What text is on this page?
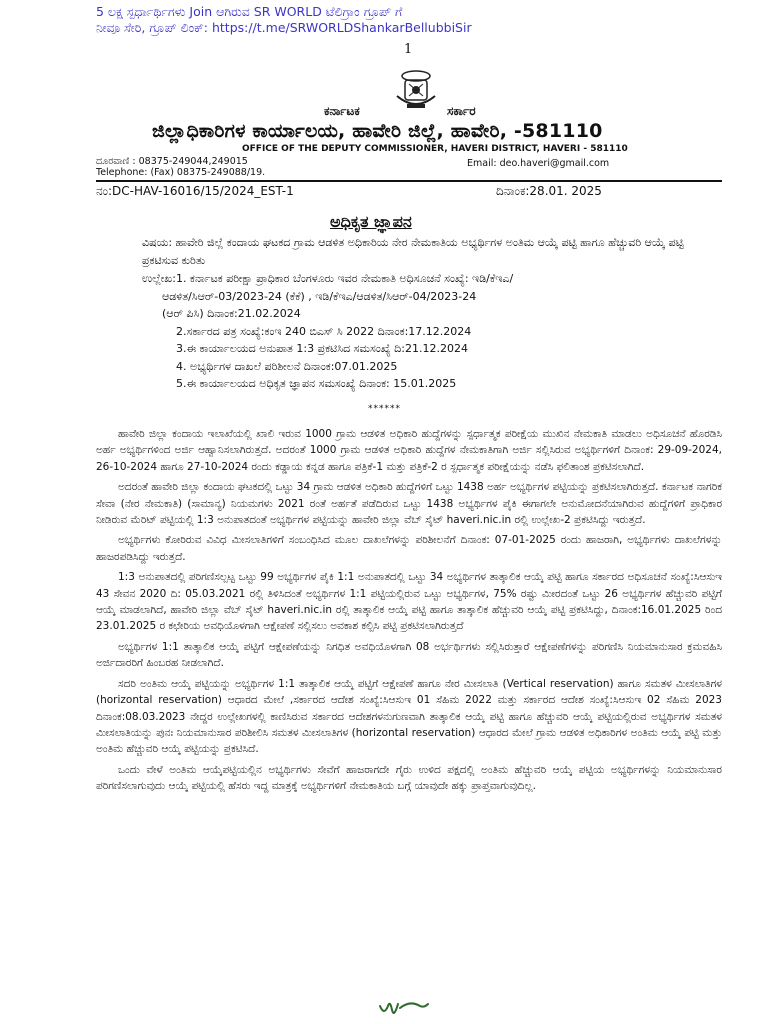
5 ಲಕ್ಷ ಸ್ಪರ್ಧಾರ್ಥಿಗಳು Join ಆಗಿರುವ SR WORLD ಟೆಲಿಗ್ರಾಂ ಗ್ರೂಪ್ ಗೆ
ನೀವೂ ಸೇರಿ, ಗ್ರೂಪ್ ಲಿಂಕ್: https://t.me/SRWORLDShankarBellubbiSir
1
ಕರ್ನಾಟಕ	ಸರ್ಕಾರ
ಜಿಲ್ಲಾಧಿಕಾರಿಗಳ ಕಾರ್ಯಾಲಯ, ಹಾವೇರಿ ಜಿಲ್ಲೆ, ಹಾವೇರಿ, -581110
OFFICE OF THE DEPUTY COMMISSIONER, HAVERI DISTRICT, HAVERI - 581110
ದೂರವಾಣಿ : 08375-249044,249015
Telephone: (Fax) 08375-249088/19.
Email: deo.haveri@gmail.com
ನಂ:DC-HAV-16016/15/2024_EST-1	ದಿನಾಂಕ:28.01. 2025
ಅಧಿಕೃತ ಜ್ಞಾಪನ
ವಿಷಯ: ಹಾವೇರಿ ಜಿಲ್ಲೆ ಕಂದಾಯ ಘಟಕದ ಗ್ರಾಮ ಆಡಳಿತ ಅಧಿಕಾರಿಯ ನೇರ ನೇಮಕಾತಿಯ ಅಭ್ಯರ್ಥಿಗಳ ಅಂತಿಮ ಆಯ್ಕೆ ಪಟ್ಟಿ ಹಾಗೂ ಹೆಚ್ಚುವರಿ ಆಯ್ಕೆ ಪಟ್ಟಿ ಪ್ರಕಟಿಸುವ ಕುರಿತು
ಉಲ್ಲೇಖ:1. ಕರ್ನಾಟಕ ಪರೀಕ್ಷಾ ಪ್ರಾಧಿಕಾರ ಬೆಂಗಳೂರು ಇವರ ನೇಮಕಾತಿ ಅಧಿಸೂಚನೆ ಸಂಖ್ಯೆ: ಇಡಿ/ಕೆಇಎ/
ಆಡಳಿತ/ಸಿಆರ್-03/2023-24 (ಕೆಕೆ) , ಇಡಿ/ಕೆಇಎ/ಆಡಳಿತ/ಸಿಆರ್-04/2023-24
(ಆರ್ ಪಿಸಿ) ದಿನಾಂಕ:21.02.2024
2.ಸರ್ಕಾರದ ಪತ್ರ ಸಂಖ್ಯೆ:ಕಂಇ 240 ಬಿಎಸ್ ಸಿ 2022 ದಿನಾಂಕ:17.12.2024
3.ಈ ಕಾರ್ಯಾಲಯದ ಅನುಪಾತ 1:3 ಪ್ರಕಟಿಸಿದ ಸಮಸಂಖ್ಯೆ ದಿ:21.12.2024
4. ಅಭ್ಯರ್ಥಿಗಳ ದಾಖಲೆ ಪರಿಶೀಲನೆ ದಿನಾಂಕ:07.01.2025
5.ಈ ಕಾರ್ಯಾಲಯದ ಅಧಿಕೃತ ಜ್ಞಾಪನ ಸಮಸಂಖ್ಯೆ ದಿನಾಂಕ: 15.01.2025
******

ಹಾವೇರಿ ಜಿಲ್ಲಾ ಕಂದಾಯ ಇಲಾಖೆಯಲ್ಲಿ ಖಾಲಿ ಇರುವ 1000 ಗ್ರಾಮ ಆಡಳಿತ ಅಧಿಕಾರಿ ಹುದ್ದೆಗಳನ್ನು ಸ್ಪರ್ಧಾತ್ಮಕ ಪರೀಕ್ಷೆಯ ಮುಖಿನ ನೇಮಕಾತಿ ಮಾಡಲು ಅಧಿಸೂಚನೆ ಹೊರಡಿಸಿ ಅರ್ಹ ಅಭ್ಯರ್ಥಿಗಳಿಂದ ಅರ್ಜಿ ಆಹ್ವಾನಿಸಲಾಗಿರುತ್ತದೆ. ಅದರಂತೆ 1000 ಗ್ರಾಮ ಆಡಳಿತ ಅಧಿಕಾರಿ ಹುದ್ದೆಗಳ ನೇಮಕಾತಿಗಾಗಿ ಅರ್ಜಿ ಸಲ್ಲಿಸಿರುವ ಅಭ್ಯರ್ಥಿಗಳಿಗೆ ದಿನಾಂಕ: 29-09-2024, 26-10-2024 ಹಾಗೂ 27-10-2024 ರಂದು ಕಡ್ಡಾಯ ಕನ್ನಡ ಹಾಗೂ ಪತ್ರಿಕೆ-1 ಮತ್ತು ಪತ್ರಿಕೆ-2 ರ ಸ್ಪರ್ಧಾತ್ಮಕ ಪರೀಕ್ಷೆಯನ್ನು ನಡೆಸಿ ಫಲಿತಾಂಶ ಪ್ರಕಟಿಸಲಾಗಿದೆ.

ಅದರಂತೆ ಹಾವೇರಿ ಜಿಲ್ಲಾ ಕಂದಾಯ ಘಟಕದಲ್ಲಿ ಒಟ್ಟು 34 ಗ್ರಾಮ ಆಡಳಿತ ಅಧಿಕಾರಿ ಹುದ್ದೆಗಳಿಗೆ ಒಟ್ಟು 1438 ಅರ್ಹ ಅಭ್ಯರ್ಥಿಗಳ ಪಟ್ಟಿಯನ್ನು ಪ್ರಕಟಿಸಲಾಗಿರುತ್ತದೆ. ಕರ್ನಾಟಕ ನಾಗರಿಕ ಸೇವಾ (ನೇರ ನೇಮಕಾತಿ) (ಸಾಮಾನ್ಯ) ನಿಯಮಗಳು 2021 ರಂತೆ ಅರ್ಹತೆ ಪಡೆದಿರುವ ಒಟ್ಟು 1438 ಅಭ್ಯರ್ಥಿಗಳ ಪೈಕಿ ಈಗಾಗಲೇ ಅನುಮೋದನೆಯಾಗಿರುವ ಹುದ್ದೆಗಳಿಗೆ ಪ್ರಾಧಿಕಾರ ನೀಡಿರುವ ಮೆರಿಟ್ ಪಟ್ಟಿಯಲ್ಲಿ 1:3 ಅನುಪಾತದಂತೆ ಅಭ್ಯರ್ಥಿಗಳ ಪಟ್ಟಿಯನ್ನು ಹಾವೇರಿ ಜಿಲ್ಲಾ ವೆಬ್ ಸೈಟ್ haveri.nic.in ರಲ್ಲಿ ಉಲ್ಲೇಖ-2 ಪ್ರಕಟಿಸಿದ್ದು ಇರುತ್ತದೆ.

ಅಭ್ಯರ್ಥಿಗಳು ಕೋರಿರುವ ವಿವಿಧ ಮೀಸಲಾತಿಗಳಿಗೆ ಸಂಬಂಧಿಸಿದ ಮೂಲ ದಾಖಲೆಗಳನ್ನು ಪರಿಶೀಲನೆಗೆ ದಿನಾಂಕ: 07-01-2025 ರಂದು ಹಾಜರಾಗಿ, ಅಭ್ಯರ್ಥಿಗಳು ದಾಖಲೆಗಳನ್ನು ಹಾಜರಪಡಿಸಿದ್ದು ಇರುತ್ತದೆ.

1:3 ಅನುಪಾತದಲ್ಲಿ ಪರಿಗಣಿಸಲ್ಪಟ್ಟ ಒಟ್ಟು 99 ಅಭ್ಯರ್ಥಿಗಳ ಪೈಕಿ 1:1 ಅನುಪಾತದಲ್ಲಿ ಒಟ್ಟು 34 ಅಭ್ಯರ್ಥಿಗಳ ತಾತ್ಕಾಲಿಕ ಆಯ್ಕೆ ಪಟ್ಟಿ ಹಾಗೂ ಸರ್ಕಾರದ ಅಧಿಸೂಚನೆ ಸಂಖ್ಯೆ:ಸಿಆಸುಇ 43 ಸೇವನ 2020 ದಿ: 05.03.2021 ರಲ್ಲಿ ತಿಳಿಸಿದಂತೆ ಅಭ್ಯರ್ಥಿಗಳ 1:1 ಪಟ್ಟಿಯಲ್ಲಿರುವ ಒಟ್ಟು ಅಭ್ಯರ್ಥಿಗಳ, 75% ರಷ್ಟು ಮೀರದಂತೆ ಒಟ್ಟು 26 ಅಭ್ಯರ್ಥಿಗಳ ಹೆಚ್ಚುವರಿ ಪಟ್ಟಿಗೆ ಆಯ್ಕೆ ಮಾಡಲಾಗಿದೆ, ಹಾವೇರಿ ಜಿಲ್ಲಾ ವೆಬ್ ಸೈಟ್ haveri.nic.in ರಲ್ಲಿ ತಾತ್ಕಾಲಿಕ ಆಯ್ಕೆ ಪಟ್ಟಿ ಹಾಗೂ ತಾತ್ಕಾಲಿಕ ಹೆಚ್ಚುವರಿ ಆಯ್ಕೆ ಪಟ್ಟಿ ಪ್ರಕಟಿಸಿದ್ದು, ದಿನಾಂಕ:16.01.2025 ರಿಂದ 23.01.2025 ರ ಕಛೇರಿಯ ಅವಧಿಯೊಳಗಾಗಿ ಆಕ್ಷೇಪಣೆ ಸಲ್ಲಿಸಲು ಅವಕಾಶ ಕಲ್ಪಿಸಿ ಪಟ್ಟಿ ಪ್ರಕಟಿಸಲಾಗಿರುತ್ತದೆ

ಅಭ್ಯರ್ಥಿಗಳ 1:1 ತಾತ್ಕಾಲಿಕ ಆಯ್ಕೆ ಪಟ್ಟಿಗೆ ಆಕ್ಷೇಪಣೆಯನ್ನು ನಿಗಧಿತ ಅವಧಿಯೊಳಗಾಗಿ 08 ಅರ್ಭರ್ಥಿಗಳು ಸಲ್ಲಿಸಿರುತ್ತಾರೆ ಆಕ್ಷೇಪಣೆಗಳನ್ನು ಪರಿಗಣಿಸಿ ನಿಯಮಾನುಸಾರ ಕ್ರಮವಹಿಸಿ ಅರ್ಜಿದಾರರಿಗೆ ಹಿಂಬರಹ ನೀಡಲಾಗಿದೆ.

ಸದರಿ ಅಂತಿಮ ಆಯ್ಕೆ ಪಟ್ಟಿಯನ್ನು ಅಭ್ಯರ್ಥಿಗಳ 1:1 ತಾತ್ಕಾಲಿಕ ಆಯ್ಕೆ ಪಟ್ಟಿಗೆ ಆಕ್ಷೇಪಣೆ ಹಾಗೂ ನೇರ ಮೀಸಲಾತಿ (Vertical reservation) ಹಾಗೂ ಸಮತಳ ಮೀಸಲಾತಿಗಳ (horizontal reservation) ಆಧಾರದ ಮೇಲೆ ,ಸರ್ಕಾರದ ಆದೇಶ ಸಂಖ್ಯೆ:ಸಿಆಸುಇ 01 ಸೆಹಿಮ 2022 ಮತ್ತು ಸರ್ಕಾರದ ಆದೇಶ ಸಂಖ್ಯೆ:ಸಿಆಸುಇ 02 ಸೆಹಿಮ 2023 ದಿನಾಂಕ:08.03.2023 ನೇದ್ದರ ಉಲ್ಲೇಖಗಳಲ್ಲಿ ಕಾಣಿಸಿರುವ ಸರ್ಕಾರದ ಆದೇಶಗಳನುಗುಣವಾಗಿ ತಾತ್ಕಾಲಿಕ ಆಯ್ಕೆ ಪಟ್ಟಿ ಹಾಗೂ ಹೆಚ್ಚುವರಿ ಆಯ್ಕೆ ಪಟ್ಟಿಯಲ್ಲಿರುವ ಅಭ್ಯರ್ಥಿಗಳ ಸಮತಳ ಮೀಸಲಾತಿಯನ್ನು ಪುನಃ ನಿಯಮಾನುಸಾರ ಪರಿಶೀಲಿಸಿ ಸಮತಳ ಮೀಸಲಾತಿಗಳ (horizontal reservation) ಆಧಾರದ ಮೇಲೆ ಗ್ರಾಮ ಆಡಳಿತ ಅಧಿಕಾರಿಗಳ ಅಂತಿಮ ಆಯ್ಕೆ ಪಟ್ಟಿ ಮತ್ತು ಅಂತಿಮ ಹೆಚ್ಚುವರಿ ಆಯ್ಕೆ ಪಟ್ಟಿಯನ್ನು ಪ್ರಕಟಿಸಿದೆ.

ಒಂದು ವೇಳೆ ಅಂತಿಮ ಆಯ್ಕೆಪಟ್ಟಿಯಲ್ಲಿನ ಅಭ್ಯರ್ಥಿಗಳು ಸೇವೆಗೆ ಹಾಜರಾಗದೇ ಗೈರು ಉಳಿದ ಪಕ್ಷದಲ್ಲಿ ಅಂತಿಮ ಹೆಚ್ಚುವರಿ ಆಯ್ಕೆ ಪಟ್ಟಿಯ ಅಭ್ಯರ್ಥಿಗಳನ್ನು ನಿಯಮಾನುಸಾರ ಪರಿಗಣಿಸಲಾಗುವುದು ಆಯ್ಕೆ ಪಟ್ಟಿಯಲ್ಲಿ ಹೆಸರು ಇದ್ದ ಮಾತ್ರಕ್ಕೆ ಅಭ್ಯರ್ಥಿಗಳಿಗೆ ನೇಮಕಾತಿಯ ಬಗ್ಗೆ ಯಾವುದೇ ಹಕ್ಕು ಪ್ರಾಪ್ತವಾಗುವುದಿಲ್ಲ.
